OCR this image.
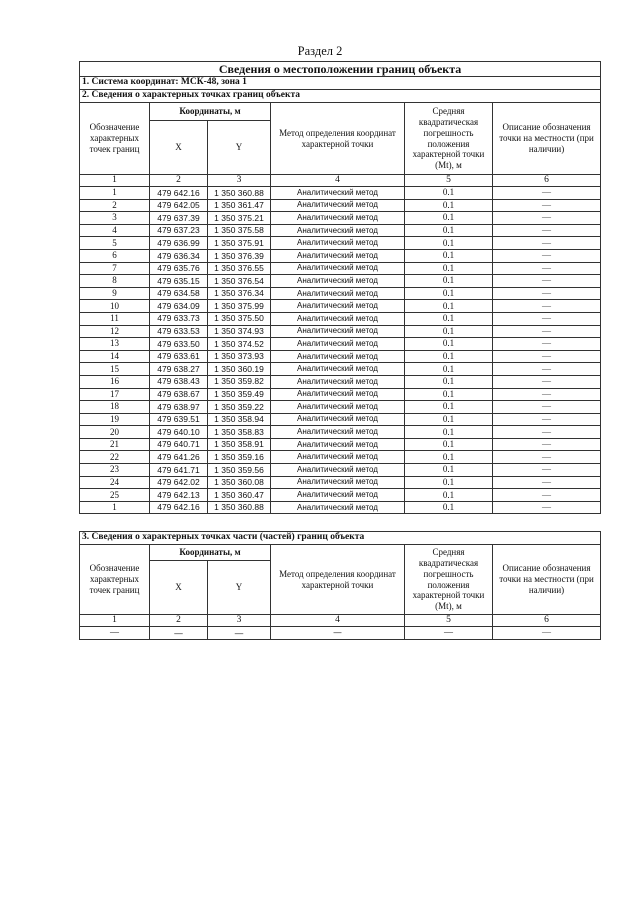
Раздел 2
Сведения о местоположении границ объекта					
1. Система координат: МСК-48, зона 1					
2. Сведения о характерных точках границ объекта					
Обозначение характерных точек границ	Координаты, м		Метод определения координат характерной точки	Средняя квадратическая погрешность положения характерной точки (Mt), м	Описание обозначения точки на местности (при наличии)
	X	Y			
1	2	3	4	5	6
1	479 642.16	1 350 360.88	Аналитический метод	0.1	—
2	479 642.05	1 350 361.47	Аналитический метод	0.1	—
3	479 637.39	1 350 375.21	Аналитический метод	0.1	—
4	479 637.23	1 350 375.58	Аналитический метод	0.1	—
5	479 636.99	1 350 375.91	Аналитический метод	0.1	—
6	479 636.34	1 350 376.39	Аналитический метод	0.1	—
7	479 635.76	1 350 376.55	Аналитический метод	0.1	—
8	479 635.15	1 350 376.54	Аналитический метод	0.1	—
9	479 634.58	1 350 376.34	Аналитический метод	0.1	—
10	479 634.09	1 350 375.99	Аналитический метод	0.1	—
11	479 633.73	1 350 375.50	Аналитический метод	0.1	—
12	479 633.53	1 350 374.93	Аналитический метод	0.1	—
13	479 633.50	1 350 374.52	Аналитический метод	0.1	—
14	479 633.61	1 350 373.93	Аналитический метод	0.1	—
15	479 638.27	1 350 360.19	Аналитический метод	0.1	—
16	479 638.43	1 350 359.82	Аналитический метод	0.1	—
17	479 638.67	1 350 359.49	Аналитический метод	0.1	—
18	479 638.97	1 350 359.22	Аналитический метод	0.1	—
19	479 639.51	1 350 358.94	Аналитический метод	0.1	—
20	479 640.10	1 350 358.83	Аналитический метод	0.1	—
21	479 640.71	1 350 358.91	Аналитический метод	0.1	—
22	479 641.26	1 350 359.16	Аналитический метод	0.1	—
23	479 641.71	1 350 359.56	Аналитический метод	0.1	—
24	479 642.02	1 350 360.08	Аналитический метод	0.1	—
25	479 642.13	1 350 360.47	Аналитический метод	0.1	—
1	479 642.16	1 350 360.88	Аналитический метод	0.1	—
3. Сведения о характерных точках части (частей) границ объекта					
Обозначение характерных точек границ	Координаты, м		Метод определения координат характерной точки	Средняя квадратическая погрешность положения характерной точки (Mt), м	Описание обозначения точки на местности (при наличии)
	X	Y			
1	2	3	4	5	6
—	—	—	—	—	—
